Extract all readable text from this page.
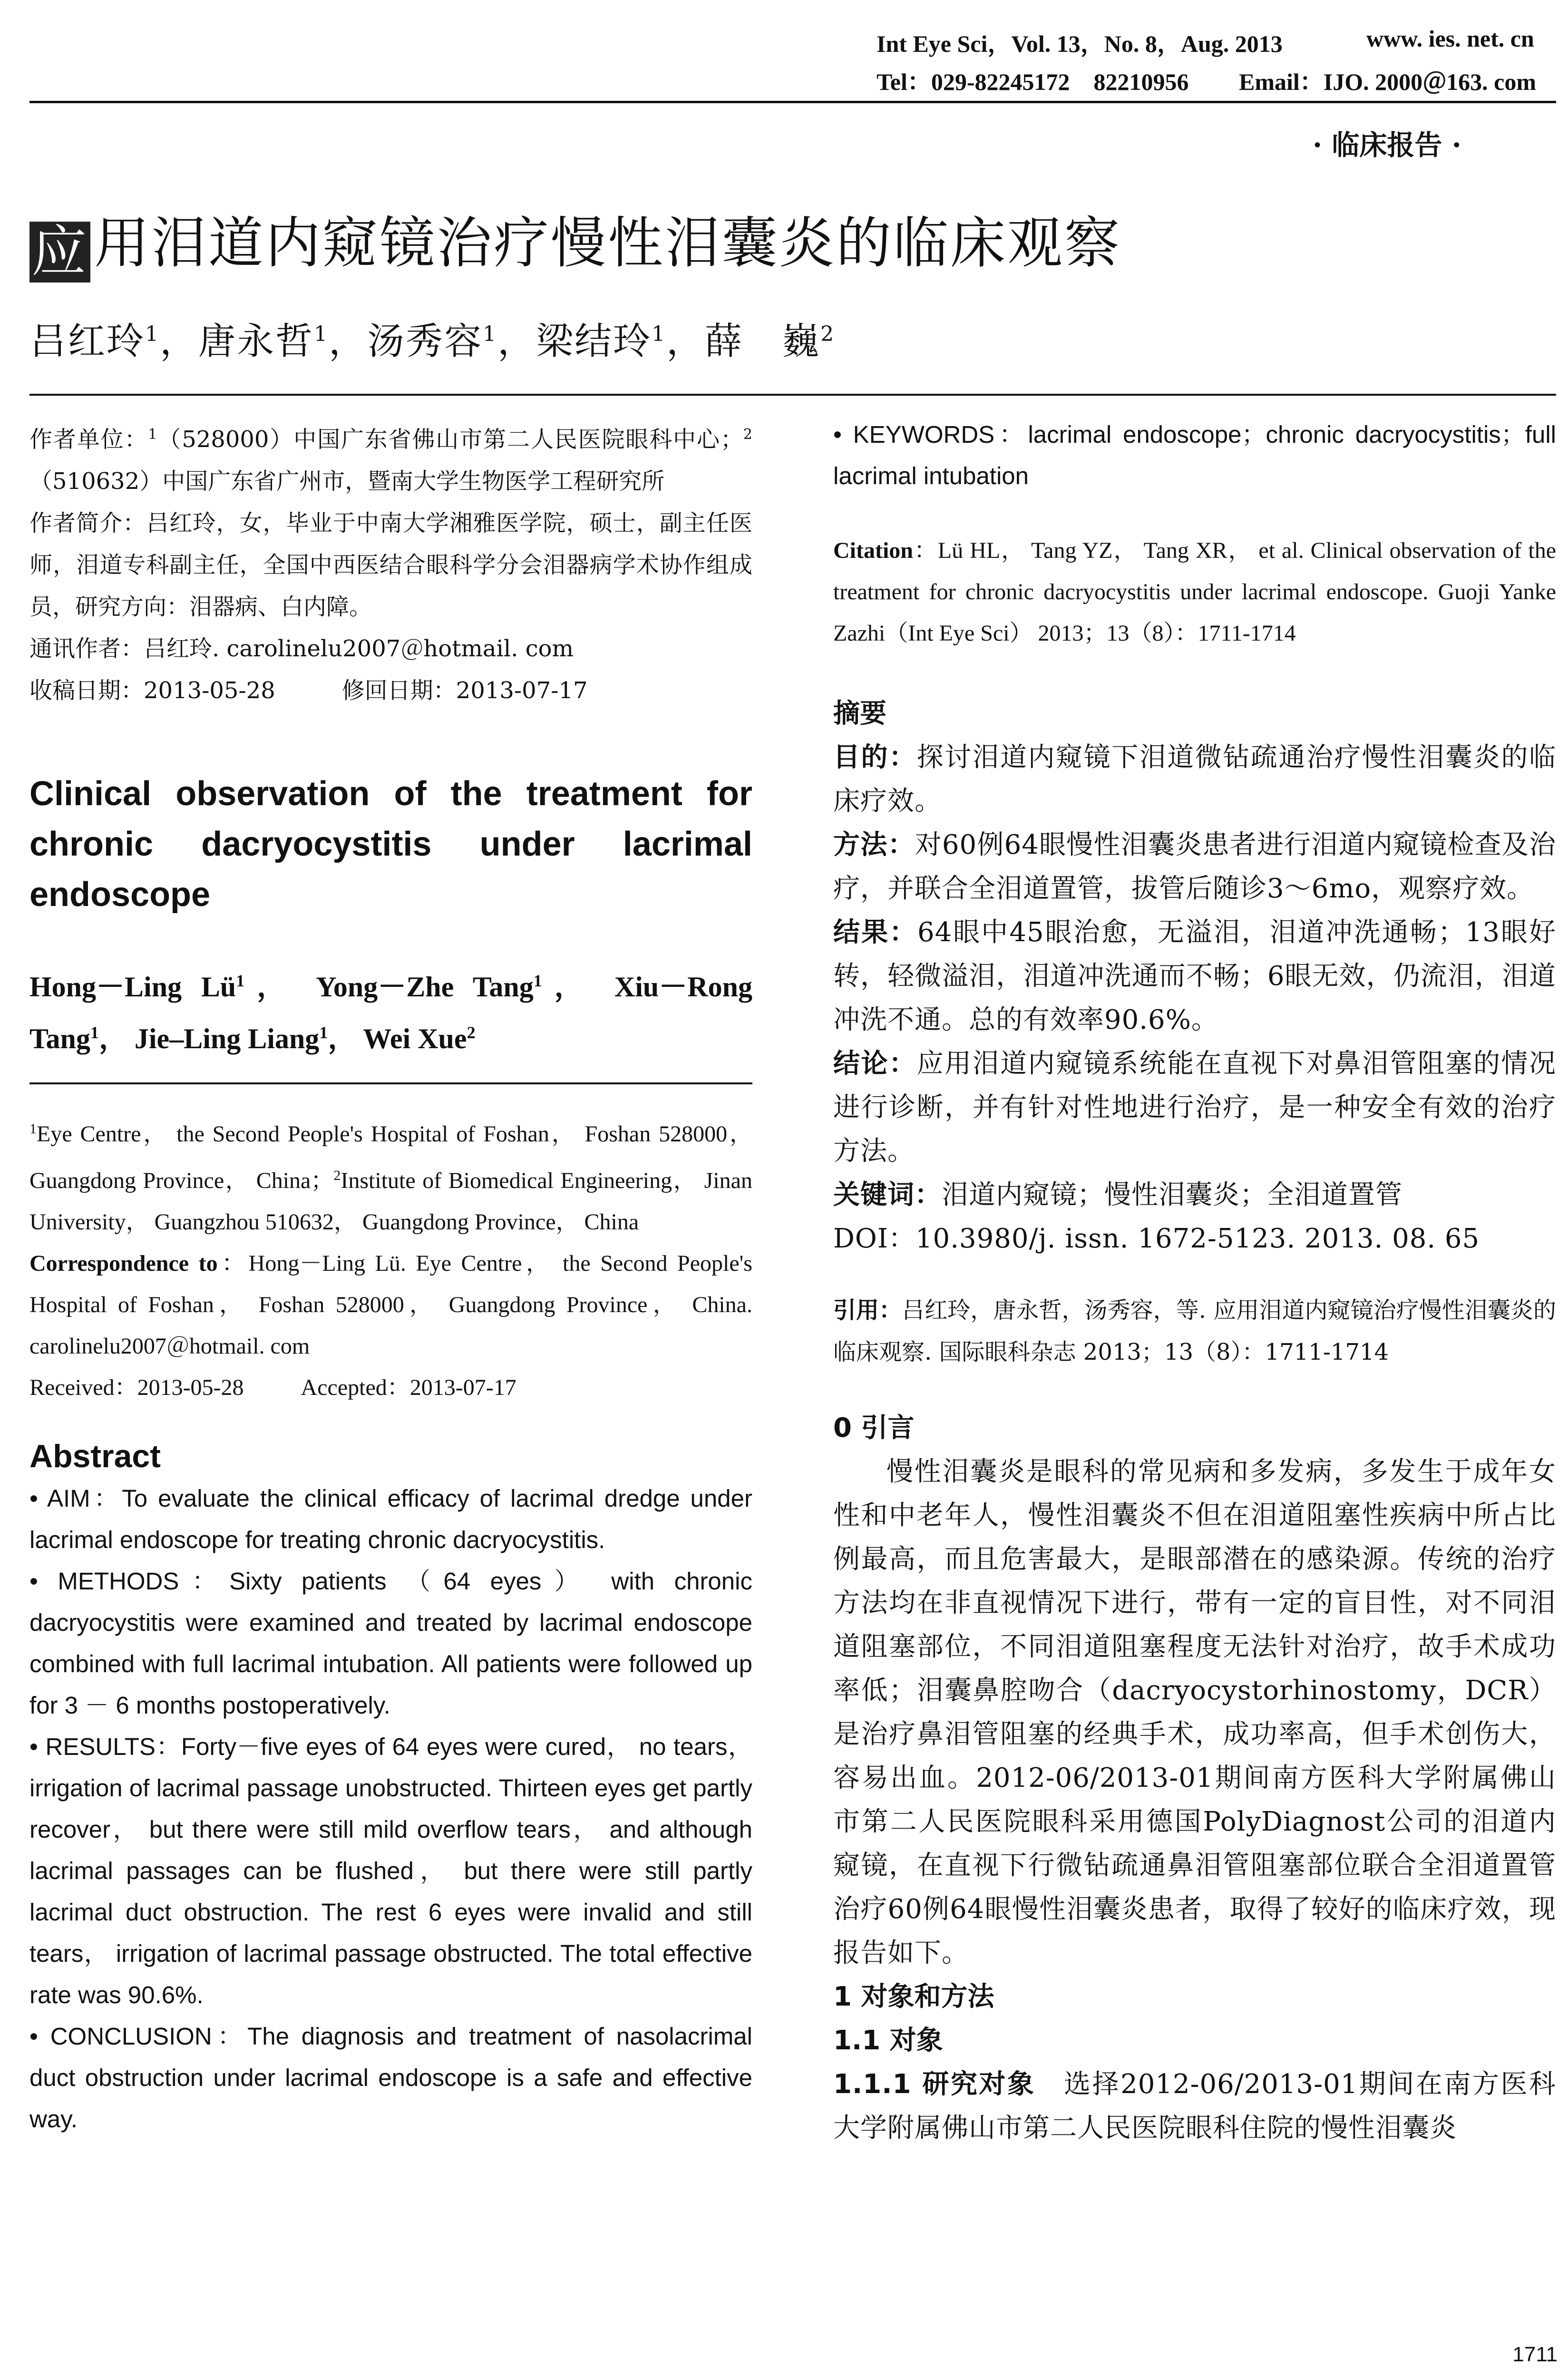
Int Eye Sci，Vol. 13，No. 8，Aug. 2013	www. ies. net. cn
Tel：029-82245172　82210956 Email：IJO. 2000＠163. com
· 临床报告 ·
应 用泪道内窥镜治疗慢性泪囊炎的临床观察
吕红玲$^1$，唐永哲$^1$，汤秀容$^1$，梁结玲$^1$，薛　巍$^2$

作者单位：$^1$（528000）中国广东省佛山市第二人民医院眼科中心；$^2$（510632）中国广东省广州市，暨南大学生物医学工程研究所

作者简介：吕红玲，女，毕业于中南大学湘雅医学院，硕士，副主任医师，泪道专科副主任，全国中西医结合眼科学分会泪器病学术协作组成员，研究方向：泪器病、白内障。

通讯作者：吕红玲. carolinelu2007＠hotmail. com

收稿日期：2013-05-28	修回日期：2013-07-17

Clinical observation of the treatment for chronic dacryocystitis under lacrimal endoscope

Hong－Ling $Lü^1$， Yong－Zhe Tang$^1$， Xiu－Rong Tang$^1$， Jie–Ling Liang$^1$， Wei Xue$^2$

$^1$Eye Centre， the Second People's Hospital of Foshan， Foshan 528000， Guangdong Province， China；$^2$Institute of Biomedical Engineering， Jinan University， Guangzhou 510632， Guangdong Province， China

Correspondence to：Hong－Ling Lü. Eye Centre， the Second People's Hospital of Foshan， Foshan 528000， Guangdong Province， China. carolinelu2007＠hotmail. com

Received：2013-05-28	Accepted：2013-07-17

Abstract

• AIM：To evaluate the clinical efficacy of lacrimal dredge under lacrimal endoscope for treating chronic dacryocystitis.

• METHODS：Sixty patients （64 eyes） with chronic dacryocystitis were examined and treated by lacrimal endoscope combined with full lacrimal intubation. All patients were followed up for 3 － 6 months postoperatively.

• RESULTS：Forty－five eyes of 64 eyes were cured， no tears， irrigation of lacrimal passage unobstructed. Thirteen eyes get partly recover， but there were still mild overflow tears， and although lacrimal passages can be flushed， but there were still partly lacrimal duct obstruction. The rest 6 eyes were invalid and still tears， irrigation of lacrimal passage obstructed. The total effective rate was 90.6%.

• CONCLUSION：The diagnosis and treatment of nasolacrimal duct obstruction under lacrimal endoscope is a safe and effective way.

• KEYWORDS：lacrimal endoscope；chronic dacryocystitis；full lacrimal intubation

Citation：Lü HL， Tang YZ， Tang XR， et al. Clinical observation of the treatment for chronic dacryocystitis under lacrimal endoscope. Guoji Yanke Zazhi（Int Eye Sci） 2013；13（8）：1711-1714

摘要

目的：探讨泪道内窥镜下泪道微钻疏通治疗慢性泪囊炎的临床疗效。

方法：对60例64眼慢性泪囊炎患者进行泪道内窥镜检查及治疗，并联合全泪道置管，拔管后随诊3～6mo，观察疗效。

结果：64眼中45眼治愈，无溢泪，泪道冲洗通畅；13眼好转，轻微溢泪，泪道冲洗通而不畅；6眼无效，仍流泪，泪道冲洗不通。总的有效率90.6%。

结论：应用泪道内窥镜系统能在直视下对鼻泪管阻塞的情况进行诊断，并有针对性地进行治疗，是一种安全有效的治疗方法。

关键词：泪道内窥镜；慢性泪囊炎；全泪道置管

DOI：10.3980/j. issn. 1672-5123. 2013. 08. 65

引用：吕红玲，唐永哲，汤秀容，等. 应用泪道内窥镜治疗慢性泪囊炎的临床观察. 国际眼科杂志 2013；13（8）：1711-1714

0 引言

慢性泪囊炎是眼科的常见病和多发病，多发生于成年女性和中老年人，慢性泪囊炎不但在泪道阻塞性疾病中所占比例最高，而且危害最大，是眼部潜在的感染源。传统的治疗方法均在非直视情况下进行，带有一定的盲目性，对不同泪道阻塞部位，不同泪道阻塞程度无法针对治疗，故手术成功率低；泪囊鼻腔吻合（dacryocystorhinostomy，DCR）是治疗鼻泪管阻塞的经典手术，成功率高，但手术创伤大，容易出血。2012-06/2013-01期间南方医科大学附属佛山市第二人民医院眼科采用德国PolyDiagnost公司的泪道内窥镜，在直视下行微钻疏通鼻泪管阻塞部位联合全泪道置管治疗60例64眼慢性泪囊炎患者，取得了较好的临床疗效，现报告如下。

1 对象和方法

1.1 对象

1.1.1 研究对象　选择2012-06/2013-01期间在南方医科大学附属佛山市第二人民医院眼科住院的慢性泪囊炎

1711
